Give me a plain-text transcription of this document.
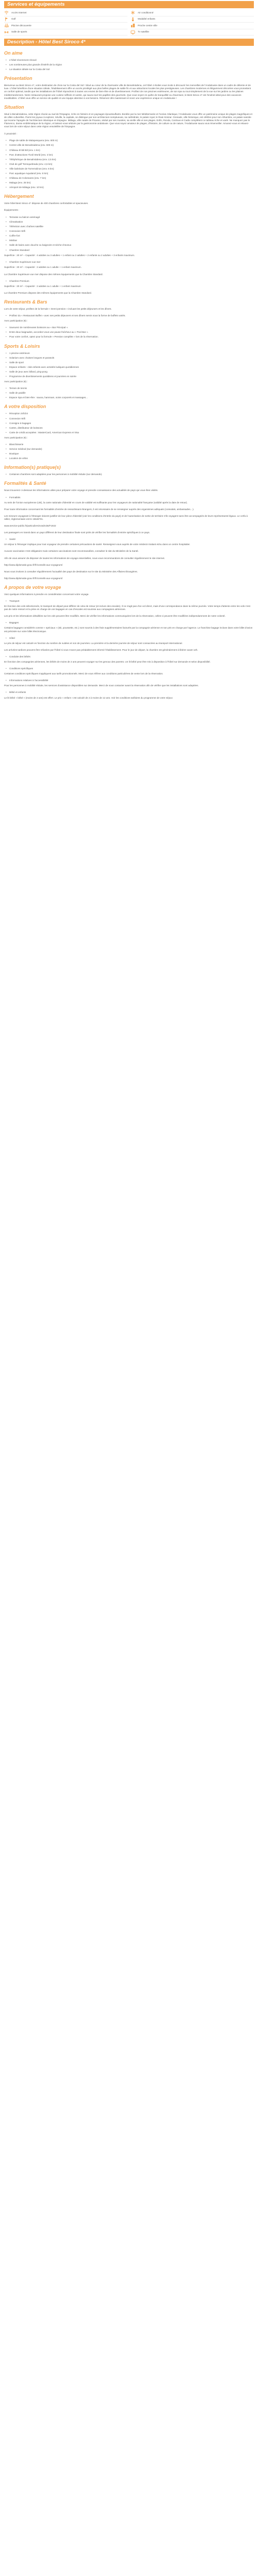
Services et équipements
Accès Internet	Air conditionné
Golf	Modalité enfants
Piscine découverte	Proche centre ville
Salle de sports	Tv satellite
Description - Hôtel Best Siroco 4*
On aime
• L'hôtel récemment rénové
• Les nombreuses plus grande d'intérêt de la région
• La situation idéale sur la Costa del Sol
Présentation

Bienvenue au Best Siroco 4*, votre destination de choix sur la Costa del Sol ! Situé au cœur de la charmante ville de Benalmádena, cet hôtel 4 étoiles vous invite à découvrir les merveilles de l'Andalousie dans un cadre de détente et de luxe. L'hôtel bénéficie d'une situation idéale, l'établissement offre un accès privilégié aux plus belles plages de sable fin et aux attractions locales les plus prestigieuses. Les chambres modernes et élégamment décorées vous promettent un confort optimal, tandis que les installations de l'hôtel répondront à toutes vos envies de bien-être et de divertissement. Profitez de nos piscines extérieures, de son spa ou tout simplement de la vue sur les jardins ou les plaines méditerranéennes. Notre restaurant propose une cuisine raffinée et variée, qui saura ravir les papilles des gourmets. Que vous soyez en quête de tranquillité ou d'aventure, le Best Siroco 4* est l'endroit idéal pour des vacances inoubliables. L'hôtel vous offre un service de qualité et une équipe attentive à vos besoins. Réservez dès maintenant et vivez une expérience unique en Andalousie !

Situation

Situé à Benalmádena, cette région réunie au sud de l'Espagne, riche en histoire et en paysages époustouflants. Bordée par la mer Méditerranée et l'océan Atlantique, l'Andalousie vous offre un patrimoine unique de plages magnifiques et de villes culturelles. Parmi les joyaux à explorer, Séville, la capitale, se distingue par son architecture somptueuse, sa cathédrale, le palais royal, le Real Alcázar. Grenade, ville historique, est célèbre pour son Alhambra, un palais nasride qui incarne l'apogée de l'architecture islamique en Espagne. Málaga, ville natale de Picasso, séduit par ses musées, sa vieille ville et ses plages. Enfin, Ronda, Cordoue et Cadix complètent ce tableau riche et varié. Ne manquez pas le Flamenco, danse emblématique de la région, et laissez-vous séduire par la gastronomie andalouse. Que vous soyez amateur de plages, d'histoire, de culture ou de nature, l'Andalousie saura vous émerveiller. Amusez-vous et relaxez-vous lors de votre séjour dans cette région ensoleillée de l'Espagne.

À proximité :

• Plage de sable de Malapesquera (env. 600 m)
• Centre-ville de Benalmádena (env. 600 m)
• Château El Bil-Bil (env. 1 km)
• Parc d'attractions Tivoli World (env. 2 km)
• Téléphérique de Benalmádena (env. 2,5 km)
• Club de golf Torrequebrada (env. 4,5 km)
• Ville balnéaire de Torremolinos (env. 6 km)
• Parc aquatique Aqualand (env. 8 km)
• Château de Colomares (env. 7 km)
• Malaga (env. 25 km)
• Aéroport de Málaga (env. 10 km)
Hébergement

Votre hôtel Best Siroco 4* dispose de 400 chambres confortables et spacieuses.

Équipements :

• Terrasse ou balcon aménagé
• Climatisation
• Télévision avec chaînes satellite
• Connexion Wifi
• Coffre-fort
• Minibar
• Salle de bains avec douche ou baignoire et sèche-cheveux
• Chambre Standard

Superficie : 20 m² – Capacité : 4 adultes ou 3 adultes + 1 enfant ou 2 adultes + 2 enfants ou 2 adultes + 3 enfants maximum.

• Chambre Supérieure vue mer

Superficie : 20 m² – Capacité : 2 adultes ou 1 adulte + 1 enfant maximum.

La Chambre Supérieure vue mer dispose des mêmes équipements que la Chambre Standard.

• Chambre Premium

Superficie : 20 m² – Capacité : 2 adultes ou 1 adulte + 1 enfant maximum

La Chambre Premium dispose des mêmes équipements que la Chambre Standard.

Restaurants & Bars

Lors de votre séjour, profitez de la formule « Demi-pension » incluant les petits déjeuners et les dîners.

• Profitez du « Restaurant Buffet » avec ses petits déjeuners et ses dîners servis sous la forme de buffets variés.

Avec participation (€) :

• Savourez de nombreuses boissons au « Bar Principal ».
• Entre deux baignades, accordez-vous une pause fraîcheur au « Pool Bar ».
• Pour votre confort, optez pour la formule « Pension complète » lors de la réservation.
Sports & Loisirs
• 1 piscine extérieure
• Solarium avec chaises longues et parasols
• Salle de sport
• Espace enfants : club enfants avec activités ludiques quotidiennes
• Salle de jeux avec billard, ping-pong
• Programme de divertissements quotidiens et journées en soirée

Avec participation (€) :

• Terrain de tennis
• Salle de paddle
• Espace Spa et bien-être : sauna, hammam, soins corporels et massages...
A votre disposition
• Réception 24h/24
• Connexion Wifi
• Consigne à bagages
• Cartes, distributeur de boissons
• Carte de crédit acceptées : MasterCard, American Express et Visa

Avec participation (€) :

• Blanchisserie
• Service médical (sur demande)
• Boutique
• Location de vélos
Information(s) pratique(s)
• Certaines chambres sont adaptées pour les personnes à mobilité réduite (sur demande).
Formalités & Santé

Nous trouverez ci-dessous les informations utiles pour préparer votre voyage et prendre connaissance des actualités de pays qui vous êtes visités.

• Formalités

Au sein de l'Union européenne (UE), la carte nationale d'identité en cours de validité est suffisante pour les voyageurs de nationalité française (validité après la date de retour).

Pour toute information concernant les formalités d'entrée de ressortissant étrangers, il est nécessaire de se renseigner auprès des organismes adéquats (consulats, ambassades…).

Les mineurs voyageant à l'étranger doivent justifier de leur pièce d'identité (voir les conditions d'entrée du pays) et de l'autorisation de sortie de territoire s'ils voyagent sans être accompagnés de leurs représentants légaux. Le cerfa à rallier, réglementaire est le 15646*01.

www.service-public.fr/particuliers/vosdroits/F1922

Les passagers en transit dans un pays différent de leur destination finale sont priés de vérifier les formalités d'entrée spécifiques à ce pays.

• Santé

Un séjour à l'étranger implique pour tout voyageur de prendre certaines précautions de santé. Renseignez-vous auprès de votre médecin traitant et/ou dans un centre hospitalier.

Aucune vaccination n'est obligatoire mais certaines vaccinations sont recommandées, consultez le site du Ministère de la Santé.

Afin de vous assurer de disposer de toutes les informations de voyage essentielles, nous vous recommandons de consulter régulièrement le site internet.

http://www.diplomatie.gouv.fr/fr/conseils-aux-voyageurs/

Nous vous invitons à consulter régulièrement l'actualité des pays de destination sur le site du Ministère des Affaires Étrangères.

http://www.diplomatie.gouv.fr/fr/conseils-aux-voyageurs/

A propos de votre voyage

Voici quelques informations à prendre en considération concernant votre voyage.

• Transport

En fonction des vols sélectionnés, le transport de départ peut différer de celui de retour (et inclure des escales). Il ne s'agit pas d'un vol direct, mais d'une correspondance dans la même journée. Votre temps d'attente entre les vols n'est pas de notre ressort et la prise en charge de vos bagages en cas d'escales est soumise aux compagnies aériennes.

Les prix et les informations détaillées sur les vols peuvent être modifiés. Merci de vérifier les informations communiquées lors de la réservation, celles-ci peuvent être modifiées indépendamment de notre volonté.

• Bagages

Certains bagages considérés comme « spéciaux » (ski, poussette, etc.) sont soumis à des frais supplémentaires facturés par la compagnie aérienne et non pris en charge par l'agence. Le franchise bagage incluse dans votre billet d'avion est précisée sur votre billet électronique.

• Hôtel

Le prix de séjour est calculé en fonction du nombre de nuitées et non de journées. La première et la dernière journée de séjour sont consacrées au transport international.

Les arrivées tardives peuvent être refusées par l'hôtel si vous n'avez pas préalablement informé l'établissement. Pour le jour de départ, la chambre est généralement à libérer avant 12h.

• Conduite des bébés

En fonction des compagnies aériennes, les bébés de moins de 2 ans peuvent voyager sur les genoux des parents. Un lit bébé peut être mis à disposition à l'hôtel sur demande et selon disponibilité.

• Conditions spécifiques

Certaines conditions spécifiques s'appliquent aux tarifs promotionnels. Merci de vous référer aux conditions particulières de vente lors de la réservation.

• Informations relatives à l'accessibilité

Pour les personnes à mobilité réduite, les services d'assistance disponibles sur demande. Merci de nous contacter avant la réservation afin de vérifier que les installations sont adaptées.

• Bébé et enfants

Le lit bébé « bébé » (moins de 2 ans) est offert. Le prix « enfant » est calculé de 2 à moins de 12 ans. Voir les conditions tarifaires du programme de votre séjour.
